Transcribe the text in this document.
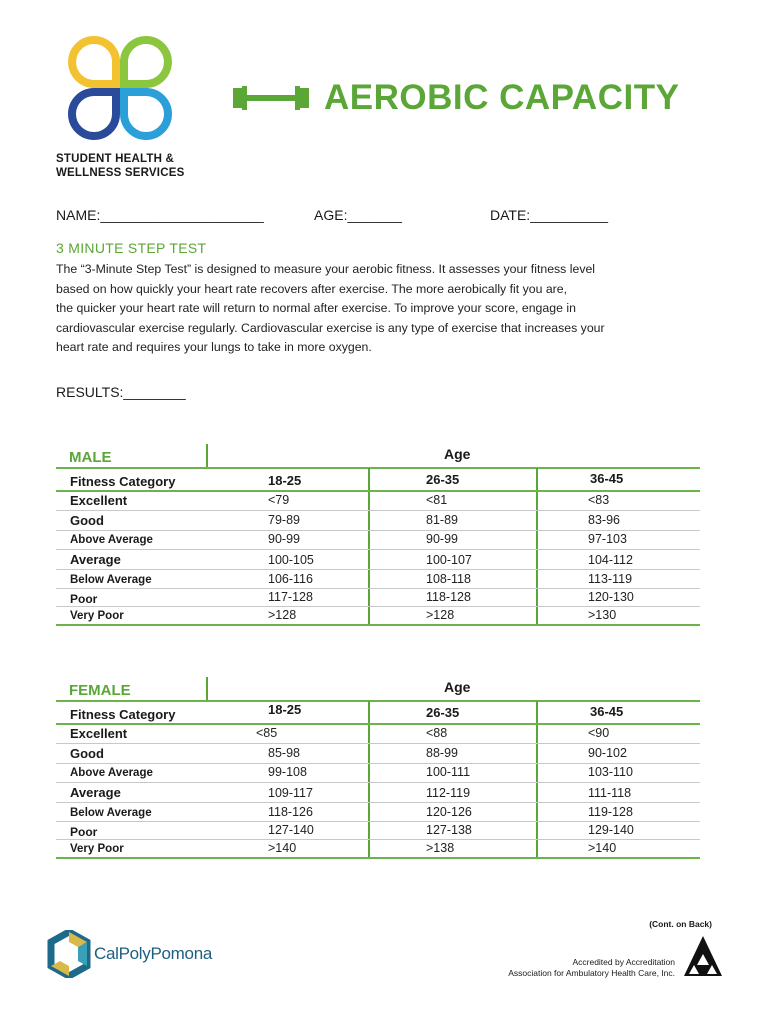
STUDENT HEALTH &
WELLNESS SERVICES
AEROBIC CAPACITY
NAME:_____________________	AGE:_______	DATE:__________
3 MINUTE STEP TEST
The “3-Minute Step Test” is designed to measure your aerobic fitness. It assesses your fitness level
based on how quickly your heart rate recovers after exercise. The more aerobically fit you are,
the quicker your heart rate will return to normal after exercise. To improve your score, engage in
cardiovascular exercise regularly. Cardiovascular exercise is any type of exercise that increases your
heart rate and requires your lungs to take in more oxygen.
RESULTS:________
MALE	Age
Fitness Category	18-25	26-35	36-45
Excellent	<79	<81	<83
Good	79-89	81-89	83-96
Above Average	90-99	90-99	97-103
Average	100-105	100-107	104-112
Below Average	106-116	108-118	113-119
Poor	117-128	118-128	120-130
Very Poor	>128	>128	>130
FEMALE	Age
Fitness Category	18-25	26-35	36-45
Excellent	<85	<88	<90
Good	85-98	88-99	90-102
Above Average	99-108	100-111	103-110
Average	109-117	112-119	111-118
Below Average	118-126	120-126	119-128
Poor	127-140	127-138	129-140
Very Poor	>140	>138	>140
(Cont. on Back)
CalPolyPomona	Accredited by Accreditation
Association for Ambulatory Health Care, Inc.
